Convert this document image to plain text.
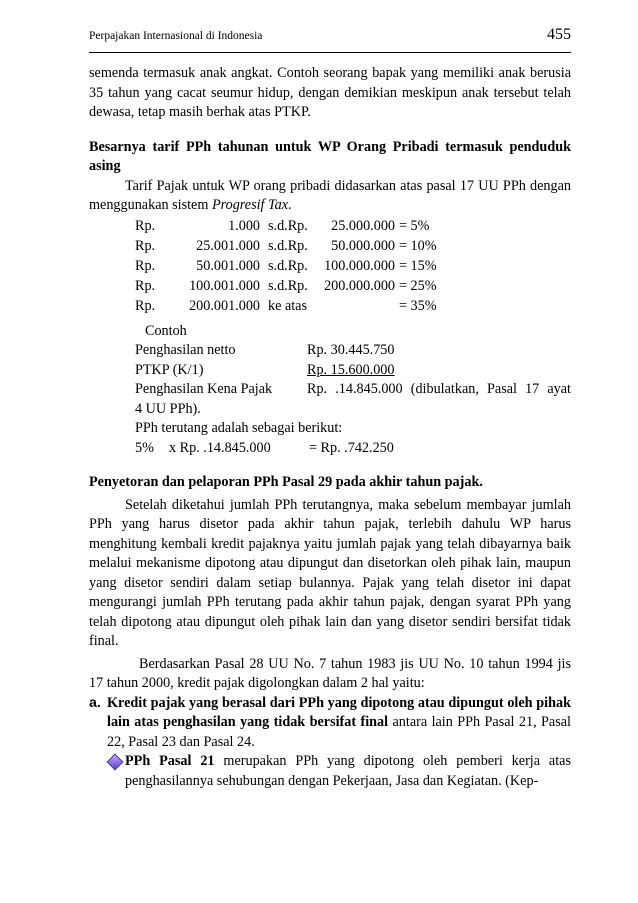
Perpajakan Internasional di Indonesia	455

semenda termasuk anak angkat. Contoh seorang bapak yang memiliki anak berusia 35 tahun yang cacat seumur hidup, dengan demikian meskipun anak tersebut telah dewasa, tetap masih berhak atas PTKP.

Besarnya tarif PPh tahunan untuk WP Orang Pribadi termasuk penduduk asing

Tarif Pajak untuk WP orang pribadi didasarkan atas pasal 17 UU PPh dengan menggunakan sistem Progresif Tax.

Rp.	1.000 s.d.Rp.	25.000.000 = 5%
Rp.	25.001.000 s.d.Rp.	50.000.000 = 10%
Rp.	50.001.000 s.d.Rp.	100.000.000 = 15%
Rp.	100.001.000 s.d.Rp.	200.000.000 = 25%
Rp.	200.001.000 ke atas	= 35%

Contoh

Penghasilan netto	Rp. 30.445.750
PTKP (K/1)	Rp. 15.600.000
Penghasilan Kena Pajak	Rp. .14.845.000 (dibulatkan, Pasal 17 ayat

4 UU PPh).

PPh terutang adalah sebagai berikut:

5%	x Rp. .14.845.000	= Rp. .742.250

Penyetoran dan pelaporan PPh Pasal 29 pada akhir tahun pajak.

Setelah diketahui jumlah PPh terutangnya, maka sebelum membayar jumlah PPh yang harus disetor pada akhir tahun pajak, terlebih dahulu WP harus menghitung kembali kredit pajaknya yaitu jumlah pajak yang telah dibayarnya baik melalui mekanisme dipotong atau dipungut dan disetorkan oleh pihak lain, maupun yang disetor sendiri dalam setiap bulannya. Pajak yang telah disetor ini dapat mengurangi jumlah PPh terutang pada akhir tahun pajak, dengan syarat PPh yang telah dipotong atau dipungut oleh pihak lain dan yang disetor sendiri bersifat tidak final.

Berdasarkan Pasal 28 UU No. 7 tahun 1983 jis UU No. 10 tahun 1994 jis 17 tahun 2000, kredit pajak digolongkan dalam 2 hal yaitu:

a. Kredit pajak yang berasal dari PPh yang dipotong atau dipungut oleh pihak lain atas penghasilan yang tidak bersifat final antara lain PPh Pasal 21, Pasal 22, Pasal 23 dan Pasal 24.
PPh Pasal 21 merupakan PPh yang dipotong oleh pemberi kerja atas penghasilannya sehubungan dengan Pekerjaan, Jasa dan Kegiatan. (Kep-
